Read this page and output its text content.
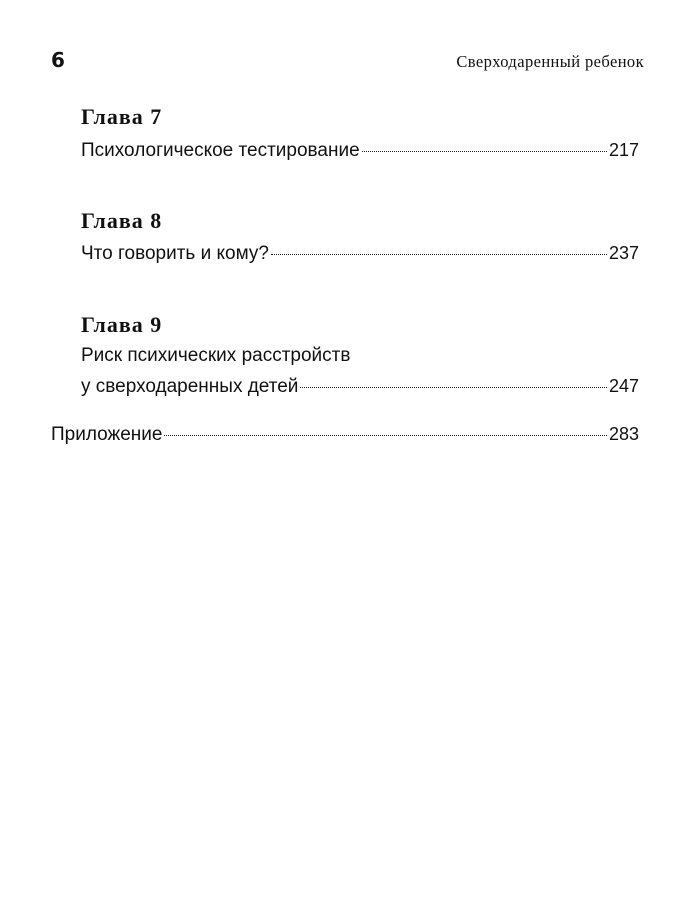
6	Сверходаренный ребенок
Глава 7
Психологическое тестирование	217
Глава 8
Что говорить и кому?	237
Глава 9
Риск психических расстройств
у сверходаренных детей	247
Приложение	283
